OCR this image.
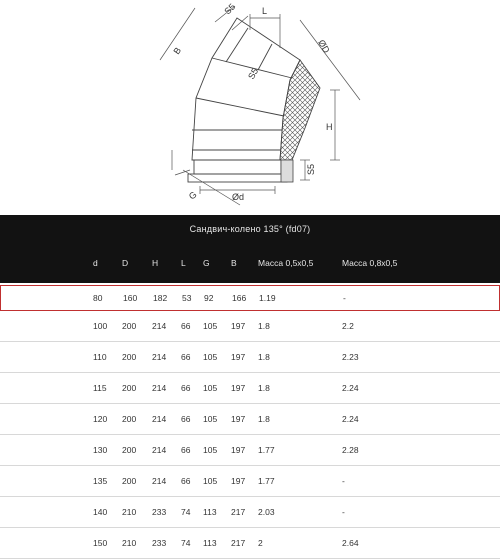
S5	L
ØD
B
S5
H
S5
Ød
G
Сандвич-колено 135° (fd07)
d	D	H	L G	B	Масса 0,5х0,5	Масса 0,8х0,5
80 160 182 53 92 166 1.19	-
100 200 214 66 105 197 1.8	2.2
110 200 214 66 105 197 1.8	2.23
115 200 214 66 105 197 1.8	2.24
120 200 214 66 105 197 1.8	2.24
130 200 214 66 105 197 1.77	2.28
135 200 214 66 105 197 1.77	-
140 210 233 74 113 217 2.03	-
150 210 233 74 113 217 2	2.64
